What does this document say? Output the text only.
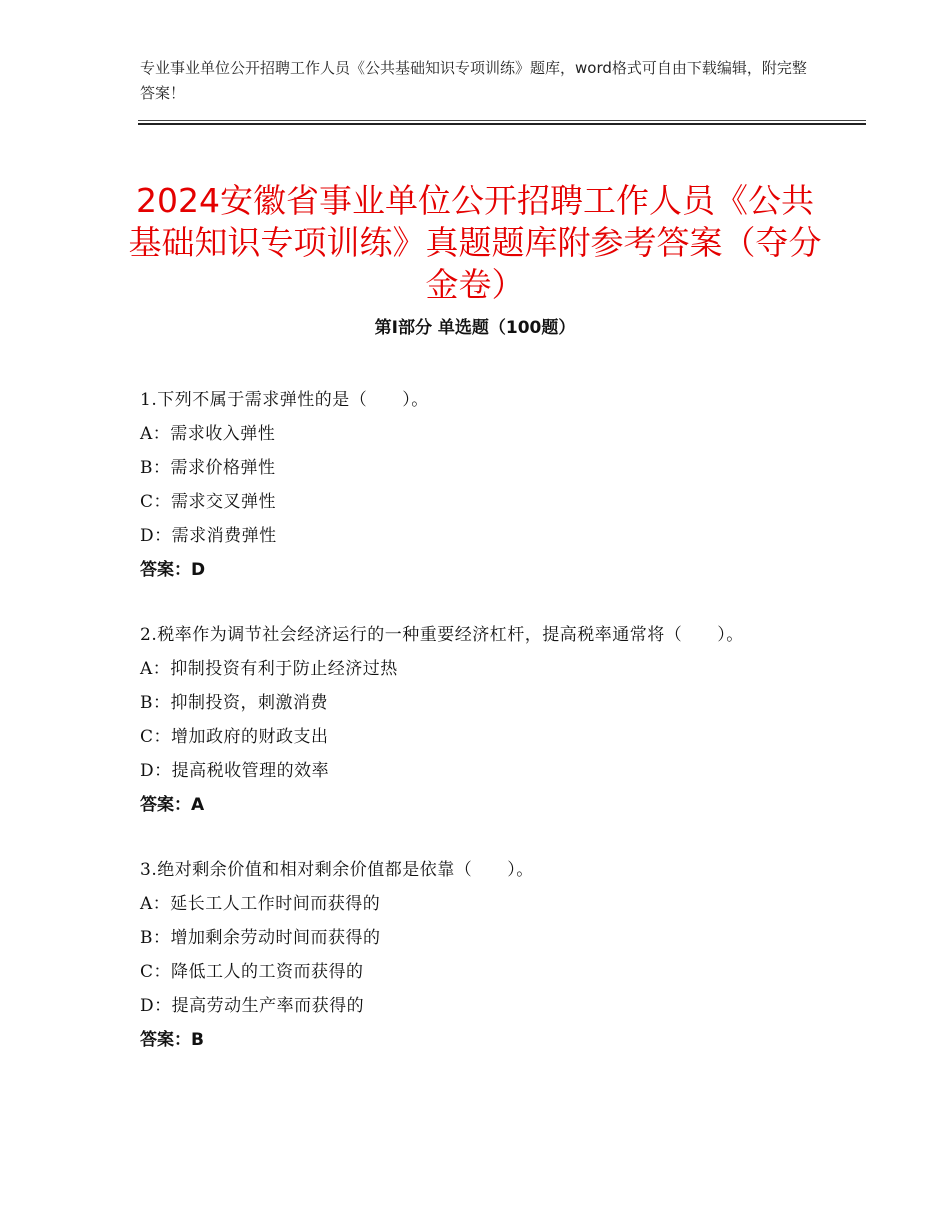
专业事业单位公开招聘工作人员《公共基础知识专项训练》题库，word格式可自由下载编辑，附完整答案！
2024安徽省事业单位公开招聘工作人员《公共基础知识专项训练》真题题库附参考答案（夺分金卷）
第Ⅰ部分 单选题（100题）
1.下列不属于需求弹性的是（　　）。
A：需求收入弹性
B：需求价格弹性
C：需求交叉弹性
D：需求消费弹性
答案：D
2.税率作为调节社会经济运行的一种重要经济杠杆，提高税率通常将（　　）。
A：抑制投资有利于防止经济过热
B：抑制投资，刺激消费
C：增加政府的财政支出
D：提高税收管理的效率
答案：A
3.绝对剩余价值和相对剩余价值都是依靠（　　）。
A：延长工人工作时间而获得的
B：增加剩余劳动时间而获得的
C：降低工人的工资而获得的
D：提高劳动生产率而获得的
答案：B
